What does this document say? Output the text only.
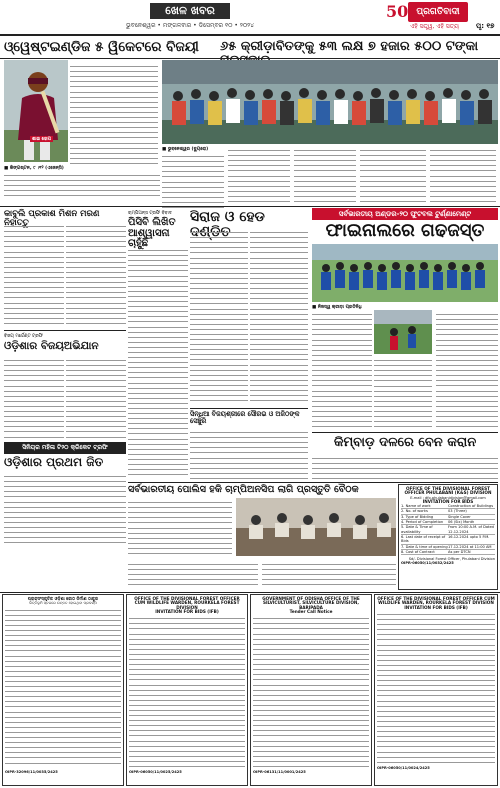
ଖେଳ ଖବର
ଭୁବନେଶ୍ୱର • ମଙ୍ଗଳବାର • ଡିସେମ୍ବର ୧୦ • ୨୦୨୪
50 ପ୍ରଗତିବାଦୀ
ଏହି ସତ୍ତ୍ୱ, ଏହି ସତ୍ୟ ପୃ: ୧୭
ଓ୍ୱେଷ୍ଟଇଣ୍ଡିଜ ୫ ୱିକେଟରେ ବିଜୟୀ	୬୫ କ୍ରୀଡ଼ାବିତଙ୍କୁ ୫୩ ଲକ୍ଷ ୭ ହଜାର ୫୦୦ ଟଙ୍କା
ଶାଇ ହୋପ
■ କିଙ୍ଗଷ୍ଟନ, ୯ ।୧୨ (ଏଜେନ୍ସି)
■ ଭୁବନେଶ୍ୱର (ବ୍ୟୁରୋ)
କାବୁଲି ପ୍ରକାଶ ମିଶନ ମରଣ ନିହାତ୍ତୁ
ଚାମ୍ପିଅନ୍ସ ଟ୍ରଫି ବିବାଦ
ପିସିବି ଲିଖିତ ଆଶ୍ୱାସନା ଚାହୁଁଛି
ସିରାଜ ଓ ହେଡ ଦଣ୍ଡିତ
ସର୍ବଭାରତୀୟ ଅଣ୍ଡର-୨୦ ଫୁଟବଲ ଟୁର୍ଣ୍ଣାମେଣ୍ଟ
ଫାଇନାଲରେ ଗଢଜସ୍ତ
■ ନିଜସ୍ୱ କ୍ରୀଡ଼ା ପ୍ରତିନିଧି
ବିଜୟ ମର୍ଚ୍ଚେଣ୍ଟ ଟ୍ରଫି
ଓଡ଼ିଶାର ବିଜୟଅଭିଯାନ
ସିନ୍ଧିଆ ବିଜୟଶ୍ରୀରେ ସୌରଭ ଓ ଅଜିଠଙ୍କ ସେଞ୍ଚୁରି
କିମ୍ବାଡ଼ ଦଳରେ ବେନ କରାନ
ସିନିୟର ମହିଳା ଟି୨୦ କ୍ରିକେଟ ଟ୍ରଫି
ଓଡ଼ିଶାର ପ୍ରଥମ ଜିତ
ସର୍ବଭାରତୀୟ ପୋଲିସ ହକି ଚାମ୍ପିଅନସିପ ଲାଗି ପ୍ରସ୍ତୁତି ବୈଠକ	OFFICE OF THE DIVISIONAL FOREST OFFICER PHULABANI (K&S) DIVISION
E-mail : dfo.phulabanidivision@gmail.com
INVITATION FOR BIDS
1. Name of work	Construction of Buildings
2. No. of works	03 (Three)
3. Type of Bidding	Single Cover
4. Period of Completion	06 (Six) Month
5. Date & Time of availability
From 10:00 A.M. of Dated 12.12.2024
6. Last date of receipt of Bids
16.12.2024 upto 5 P.M.
7. Date & time of opening 17.12.2024 at 11:00 AM
8. Cost of Contract	As per DTCN
Sd/- Divisional Forest Officer, Phulabani Division
OIPR-06050/11/0032/2425
ପ୍ରାକ୍ସଂସ୍କୃତିକ ଓଡ଼ିଶା କୋଠ ନିର୍ମାଣ ଠାକୁର
ଭିତ୍ତିଭୂମି ସ୍ତରରେ ଉନ୍ନତ ହୋଇଥିବା ପ୍ରକଳ୍ପ
OIPR-32096/11/0035/2425
OFFICE OF THE DIVISIONAL FOREST OFFICER CUM WILDLIFE WARDEN, ROURKELA FOREST DIVISION
INVITATION FOR BIDS (IFB)
OIPR-06050/11/0025/2425
GOVERNMENT OF ODISHA OFFICE OF THE SILVICULTURIST, SILVICULTURE DIVISION, BARIPADA
Tender Call Notice
OIPR-06131/11/0001/2425
OFFICE OF THE DIVISIONAL FOREST OFFICER CUM WILDLIFE WARDEN, ROURKELA FOREST DIVISION
INVITATION FOR BIDS (IFB)
OIPR-06050/11/0024/2425
